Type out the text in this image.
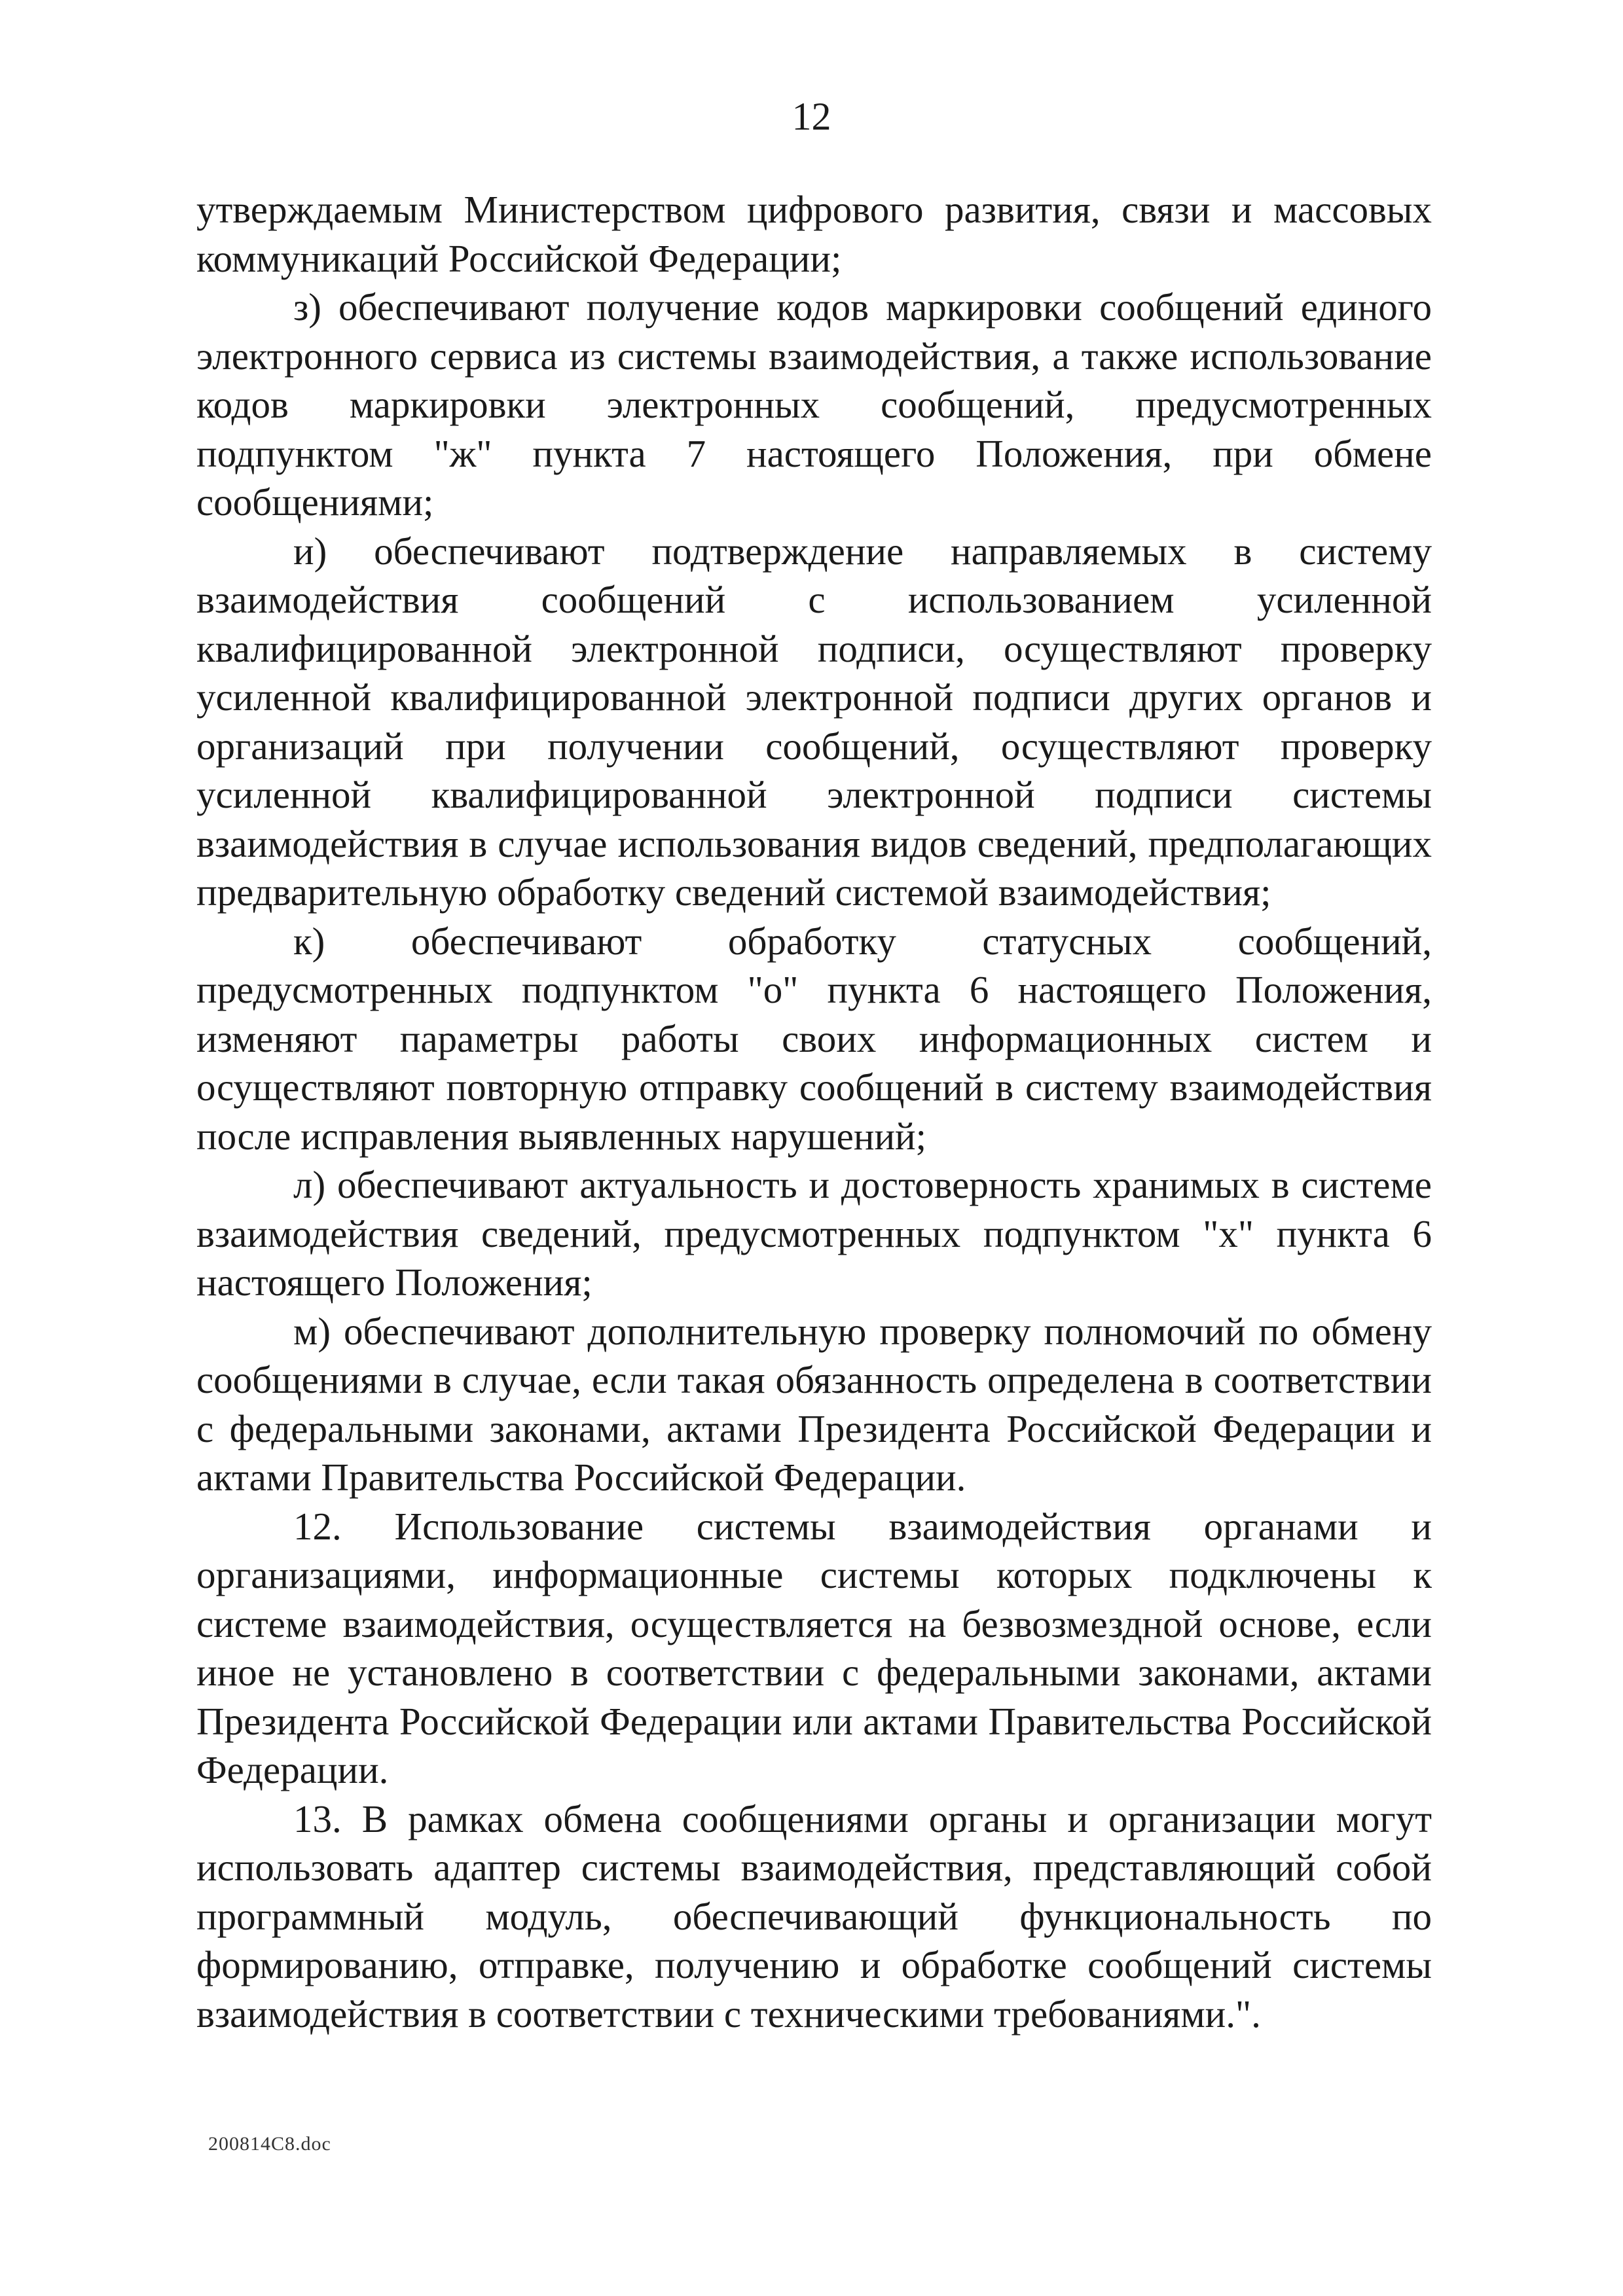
12

утверждаемым Министерством цифрового развития, связи и массовых коммуникаций Российской Федерации;

з) обеспечивают получение кодов маркировки сообщений единого электронного сервиса из системы взаимодействия, а также использование кодов маркировки электронных сообщений, предусмотренных подпунктом "ж" пункта 7 настоящего Положения, при обмене сообщениями;

и) обеспечивают подтверждение направляемых в систему взаимодействия сообщений с использованием усиленной квалифицированной электронной подписи, осуществляют проверку усиленной квалифицированной электронной подписи других органов и организаций при получении сообщений, осуществляют проверку усиленной квалифицированной электронной подписи системы взаимодействия в случае использования видов сведений, предполагающих предварительную обработку сведений системой взаимодействия;

к) обеспечивают обработку статусных сообщений, предусмотренных подпунктом "о" пункта 6 настоящего Положения, изменяют параметры работы своих информационных систем и осуществляют повторную отправку сообщений в систему взаимодействия после исправления выявленных нарушений;

л) обеспечивают актуальность и достоверность хранимых в системе взаимодействия сведений, предусмотренных подпунктом "х" пункта 6 настоящего Положения;

м) обеспечивают дополнительную проверку полномочий по обмену сообщениями в случае, если такая обязанность определена в соответствии с федеральными законами, актами Президента Российской Федерации и актами Правительства Российской Федерации.

12. Использование системы взаимодействия органами и организациями, информационные системы которых подключены к системе взаимодействия, осуществляется на безвозмездной основе, если иное не установлено в соответствии с федеральными законами, актами Президента Российской Федерации или актами Правительства Российской Федерации.

13. В рамках обмена сообщениями органы и организации могут использовать адаптер системы взаимодействия, представляющий собой программный модуль, обеспечивающий функциональность по формированию, отправке, получению и обработке сообщений системы взаимодействия в соответствии с техническими требованиями.".

200814C8.doc
